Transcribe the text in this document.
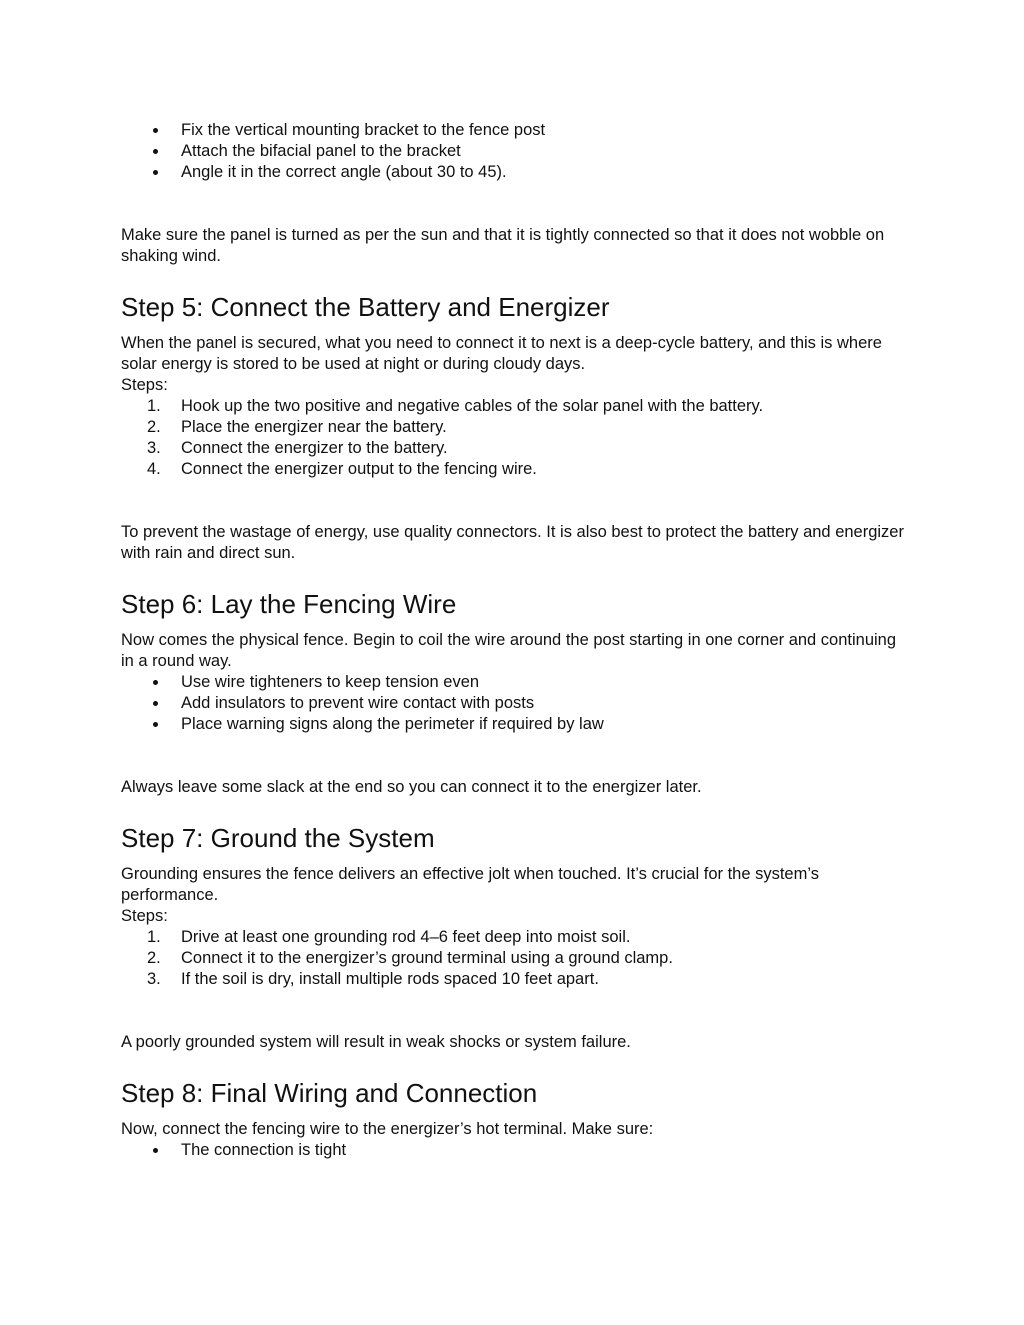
Fix the vertical mounting bracket to the fence post
Attach the bifacial panel to the bracket
Angle it in the correct angle (about 30 to 45).

Make sure the panel is turned as per the sun and that it is tightly connected so that it does not wobble on shaking wind.

Step 5: Connect the Battery and Energizer

When the panel is secured, what you need to connect it to next is a deep-cycle battery, and this is where solar energy is stored to be used at night or during cloudy days.

Steps:

1.	Hook up the two positive and negative cables of the solar panel with the battery.
2.	Place the energizer near the battery.
3.	Connect the energizer to the battery.
4.	Connect the energizer output to the fencing wire.

To prevent the wastage of energy, use quality connectors. It is also best to protect the battery and energizer with rain and direct sun.

Step 6: Lay the Fencing Wire

Now comes the physical fence. Begin to coil the wire around the post starting in one corner and continuing in a round way.

Use wire tighteners to keep tension even
Add insulators to prevent wire contact with posts
Place warning signs along the perimeter if required by law

Always leave some slack at the end so you can connect it to the energizer later.

Step 7: Ground the System

Grounding ensures the fence delivers an effective jolt when touched. It’s crucial for the system’s performance.

Steps:

1.	Drive at least one grounding rod 4–6 feet deep into moist soil.
2.	Connect it to the energizer’s ground terminal using a ground clamp.
3.	If the soil is dry, install multiple rods spaced 10 feet apart.

A poorly grounded system will result in weak shocks or system failure.

Step 8: Final Wiring and Connection

Now, connect the fencing wire to the energizer’s hot terminal. Make sure:

The connection is tight
